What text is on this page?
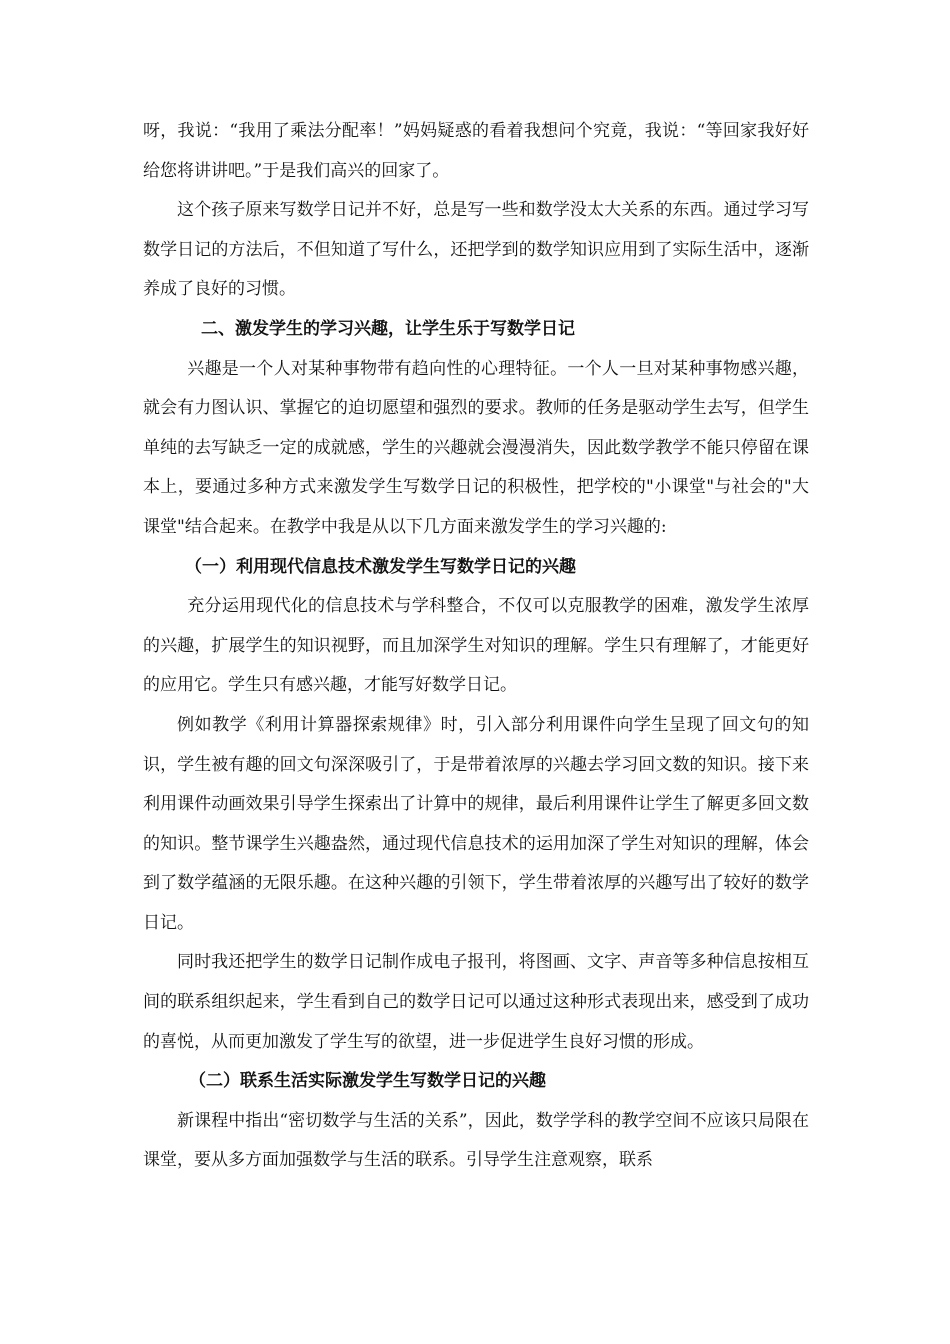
呀，我说：“我用了乘法分配率！”妈妈疑惑的看着我想问个究竟，我说：“等回家我好好给您将讲讲吧。”于是我们高兴的回家了。

这个孩子原来写数学日记并不好，总是写一些和数学没太大关系的东西。通过学习写数学日记的方法后，不但知道了写什么，还把学到的数学知识应用到了实际生活中，逐渐养成了良好的习惯。

二、激发学生的学习兴趣，让学生乐于写数学日记

兴趣是一个人对某种事物带有趋向性的心理特征。一个人一旦对某种事物感兴趣，就会有力图认识、掌握它的迫切愿望和强烈的要求。教师的任务是驱动学生去写，但学生单纯的去写缺乏一定的成就感，学生的兴趣就会漫漫消失，因此数学教学不能只停留在课本上，要通过多种方式来激发学生写数学日记的积极性，把学校的"小课堂"与社会的"大课堂"结合起来。在教学中我是从以下几方面来激发学生的学习兴趣的:

（一）利用现代信息技术激发学生写数学日记的兴趣

充分运用现代化的信息技术与学科整合，不仅可以克服教学的困难，激发学生浓厚的兴趣，扩展学生的知识视野，而且加深学生对知识的理解。学生只有理解了，才能更好的应用它。学生只有感兴趣，才能写好数学日记。

例如教学《利用计算器探索规律》时，引入部分利用课件向学生呈现了回文句的知识，学生被有趣的回文句深深吸引了，于是带着浓厚的兴趣去学习回文数的知识。接下来利用课件动画效果引导学生探索出了计算中的规律，最后利用课件让学生了解更多回文数的知识。整节课学生兴趣盎然，通过现代信息技术的运用加深了学生对知识的理解，体会到了数学蕴涵的无限乐趣。在这种兴趣的引领下，学生带着浓厚的兴趣写出了较好的数学日记。

同时我还把学生的数学日记制作成电子报刊，将图画、文字、声音等多种信息按相互间的联系组织起来，学生看到自己的数学日记可以通过这种形式表现出来，感受到了成功的喜悦，从而更加激发了学生写的欲望，进一步促进学生良好习惯的形成。

（二）联系生活实际激发学生写数学日记的兴趣

新课程中指出“密切数学与生活的关系”，因此，数学学科的教学空间不应该只局限在课堂，要从多方面加强数学与生活的联系。引导学生注意观察，联系
